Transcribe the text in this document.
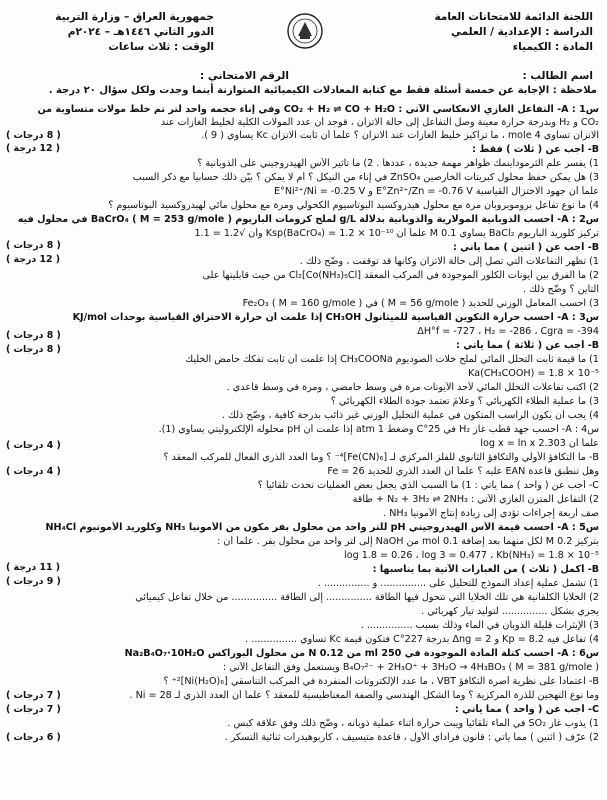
اللجنة الدائمة للامتحانات العامة
الدراسة : الإعدادية / العلمي
المادة : الكيمياء
جمهورية العراق – وزارة التربية
الدور الثاني ١٤٤٦هـ – ٢٠٢٤م
الوقت : ثلاث ساعات
اسم الطالب :
الرقم الامتحاني :
ملاحظة : الإجابة عن خمسة أسئلة فقط مع كتابة المعادلات الكيميائية المتوازنة أينما وجدت ولكل سؤال ٢٠ درجة .
س1 : A- التفاعل الغازي الانعكاسي الآتي : CO₂ + H₂ ⇌ CO + H₂O وفي إناء حجمه واحد لتر تم خلط مولات متساوية من
CO₂ و H₂ وبدرجة حرارة معينة وصل التفاعل إلى حالة الاتزان ، فوجد أن عدد المولات الكلية لخليط الغازات عند
الاتزان تساوي 4 mole ، ما تراكيز خليط الغازات عند الاتزان ؟ علماً أن ثابت الاتزان Kc يساوي ( 9 ).
B- أجب عن ( ثلاث ) فقط :
1) يفسر علم الثرموداينمك ظواهر مهمة جديدة ، عددها . 2) ما تأثير الأس الهيدروجيني على الذوبانية ؟
3) هل يمكن حفظ محلول كبريتات الخارصين ZnSO₄ في إناء من النيكل ؟ أم لا يمكن ؟ بيّن ذلك حسابياً مع ذكر السبب
علماً أن جهود الاختزال القياسية E°Zn²⁺/Zn = -0.76 V و E°Ni²⁺/Ni = -0.25 V
4) ما نوع تفاعل بروموبروبان مرة مع محلول هيدروكسيد البوتاسيوم الكحولي ومرة مع محلول مائي لهيدروكسيد البوتاسيوم ؟
س2 : A- احسب الذوبانية المولارية والذوبانية بدلالة g/L لملح كرومات الباريوم BaCrO₄ ( M = 253 g/mole ) في محلول فيه
تركيز كلوريد الباريوم BaCl₂ يساوي 0.1 M علماً أن Ksp(BaCrO₄) = 1.2 × 10⁻¹⁰ وأن √1.2 = 1.1
B- أجب عن ( اثنين ) مما يأتي :
1) تظهر التفاعلات التي تصل إلى حالة الاتزان وكأنها قد توقفت ، وضّح ذلك .
2) ما الفرق بين أيونات الكلور الموجودة في المركب المعقد [Co(NH₃)₅Cl]Cl₂ من حيث قابليتها على
التأين ؟ وضّح ذلك .
3) احسب المعامل الوزني للحديد ( M = 56 g/mole ) في Fe₂O₃ ( M = 160 g/mole )
س3 : A- احسب حرارة التكوين القياسية للميثانول CH₃OH إذا علمت أن حرارة الاحتراق القياسية بوحدات KJ/mol
ΔH°f = -727 ، H₂ = -286 ، Cgra = -394
B- أجب عن ( ثلاثة ) مما يأتي :
1) ما قيمة ثابت التحلل المائي لملح خلات الصوديوم CH₃COONa إذا علمت أن ثابت تفكك حامض الخليك
Ka(CH₃COOH) = 1.8 × 10⁻⁵
2) اكتب تفاعلات التحلل المائي لأحد الأيونات مرة في وسط حامضي ، ومرة في وسط قاعدي .
3) ما عملية الطلاء الكهربائي ؟ وعلامَ تعتمد جودة الطلاء الكهربائي ؟
4) يجب أن يكون الراسب المتكون في عملية التحليل الوزني غير ذائب بدرجة كافية ، وضّح ذلك .
س4 : A- احسب جهد قطب غاز H₂ في 25°C وضغط 1 atm إذا علمت أن pH محلوله الإلكتروليتي يساوي (1).
علماً أن 2.303 log x = ln x
B- ما التكافؤ الأولي والتكافؤ الثانوي للفلز المركزي لـ [Fe(CN)₆]⁴⁻ ؟ وما العدد الذري الفعال للمركب المعقد ؟
وهل تنطبق قاعدة EAN عليه ؟ علماً أن العدد الذري للحديد Fe = 26
C- أجب عن ( واحد ) مما يأتي : 1) ما السبب الذي يجعل بعض العمليات تحدث تلقائياً ؟
2) التفاعل المتزن الغازي الآتي : N₂ + 3H₂ ⇌ 2NH₃ + طاقة
صف أربعة إجراءات تؤدي إلى زيادة إنتاج الأمونيا NH₃ .
س5 : A- احسب قيمة الأس الهيدروجيني pH للتر واحد من محلول بفر مكون من الأمونيا NH₃ وكلوريد الأمونيوم NH₄Cl
بتركيز 0.2 M لكل منهما بعد إضافة 0.1 mol من NaOH إلى لتر واحد من محلول بفر . علماً أن :
log 1.8 = 0.26 ، log 3 = 0.477 ، Kb(NH₃) = 1.8 × 10⁻⁵
B- أكمل ( ثلاث ) من العبارات الآتية بما يناسبها :
1) تشمل عملية إعداد النموذج للتحليل على ............... و ............... .
2) الخلايا الكلفانية هي تلك الخلايا التي تتحول فيها الطاقة ............... إلى الطاقة ............... من خلال تفاعل كيميائي
يجري بشكل ............... لتوليد تيار كهربائي .
3) الإيثرات قليلة الذوبان في الماء وذلك بسبب ............... .
4) تفاعل فيه Kp = 8.2 و Δng = 2 بدرجة 227°C فتكون قيمة Kc تساوي ............... .
س6 : A- احسب كتلة المادة الموجودة في 250 ml من 0.12 N من محلول البوراكس Na₂B₄O₇·10H₂O
B₄O₇²⁻ + 2H₃O⁺ + 3H₂O → 4H₃BO₃ ( M = 381 g/mole ) ويستعمل وفق التفاعل الآتي :
B- اعتماداً على نظرية أصرة التكافؤ VBT ، ما عدد الإلكترونات المنفردة في المركب التناسقي [Ni(H₂O)₆]²⁺ ؟
وما نوع التهجين للذرة المركزية ؟ وما الشكل الهندسي والصفة المغناطيسية للمعقد ؟ علماً أن العدد الذري لـ Ni = 28 .
C- أجب عن ( واحد ) مما يأتي :
1) يذوب غاز SO₂ في الماء تلقائياً ويبث حرارة أثناء عملية ذوبانه ، وضّح ذلك وفق علاقة كبس .
2) عرّف ( اثنين ) مما يأتي : قانون فراداي الأول ، قاعدة متيسيف ، كاربوهيدرات ثنائية التسكر .
( 8 درجات )
( 12 درجة )
( 8 درجات )
( 12 درجة )
( 8 درجات )
( 8 درجات )
( 4 درجات )
( 4 درجات )
( 11 درجة )
( 9 درجات )
( 7 درجات )
( 7 درجات )
( 6 درجات )
